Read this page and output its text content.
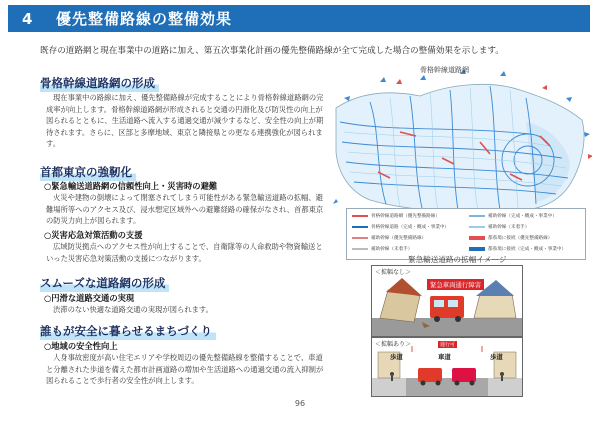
4	優先整備路線の整備効果
既存の道路網と現在事業中の道路に加え、第五次事業化計画の優先整備路線が全て完成した場合の整備効果を示します。
骨格幹線道路網の形成
現在事業中の路線に加え、優先整備路線が完成することにより骨格幹線道路網の完成率が向上します。骨格幹線道路網が形成されると交通の円滑化及び防災性の向上が図られるとともに、生活道路へ流入する通過交通が減少するなど、安全性の向上が期待されます。さらに、区部と多摩地域、東京と隣接県との更なる連携強化が図られます。
首都東京の強靭化
○緊急輸送道路網の信頼性向上・災害時の避難
火災や建物の倒壊によって閉塞されてしまう可能性がある緊急輸送道路の拡幅、避難場所等へのアクセス及び、浸水想定区域外への避難経路の確保がなされ、首都東京の防災力向上が図られます。
○災害応急対策活動の支援
広域防災拠点へのアクセス性が向上することで、自衛隊等の人命救助や物資輸送といった災害応急対策活動の支援につながります。
スムーズな道路網の形成
○円滑な道路交通の実現
渋滞のない快適な道路交通の実現が図られます。
誰もが安全に暮らせるまちづくり
○地域の安全性向上
人身事故密度が高い住宅エリアや学校周辺の優先整備路線を整備することで、車道と分離された歩道を備えた都市計画道路の増加や生活道路への通過交通の流入抑制が図られることで歩行者の安全性が向上します。
骨格幹線道路網
骨格幹線道路網（優先整備路線）
骨格幹線道路（完成・概成・事業中）
補助幹線（優先整備路線）
補助幹線（未着手）
補助幹線（完成・概成・事業中）
補助幹線（未着手）
都県境に接続（優先整備路線）
都県境に接続（完成・概成・事業中）
緊急輸送道路の拡幅イメージ
＜拡幅なし＞
緊急車両通行障害
＜拡幅あり＞	通行可
歩道	車道	歩道
96
